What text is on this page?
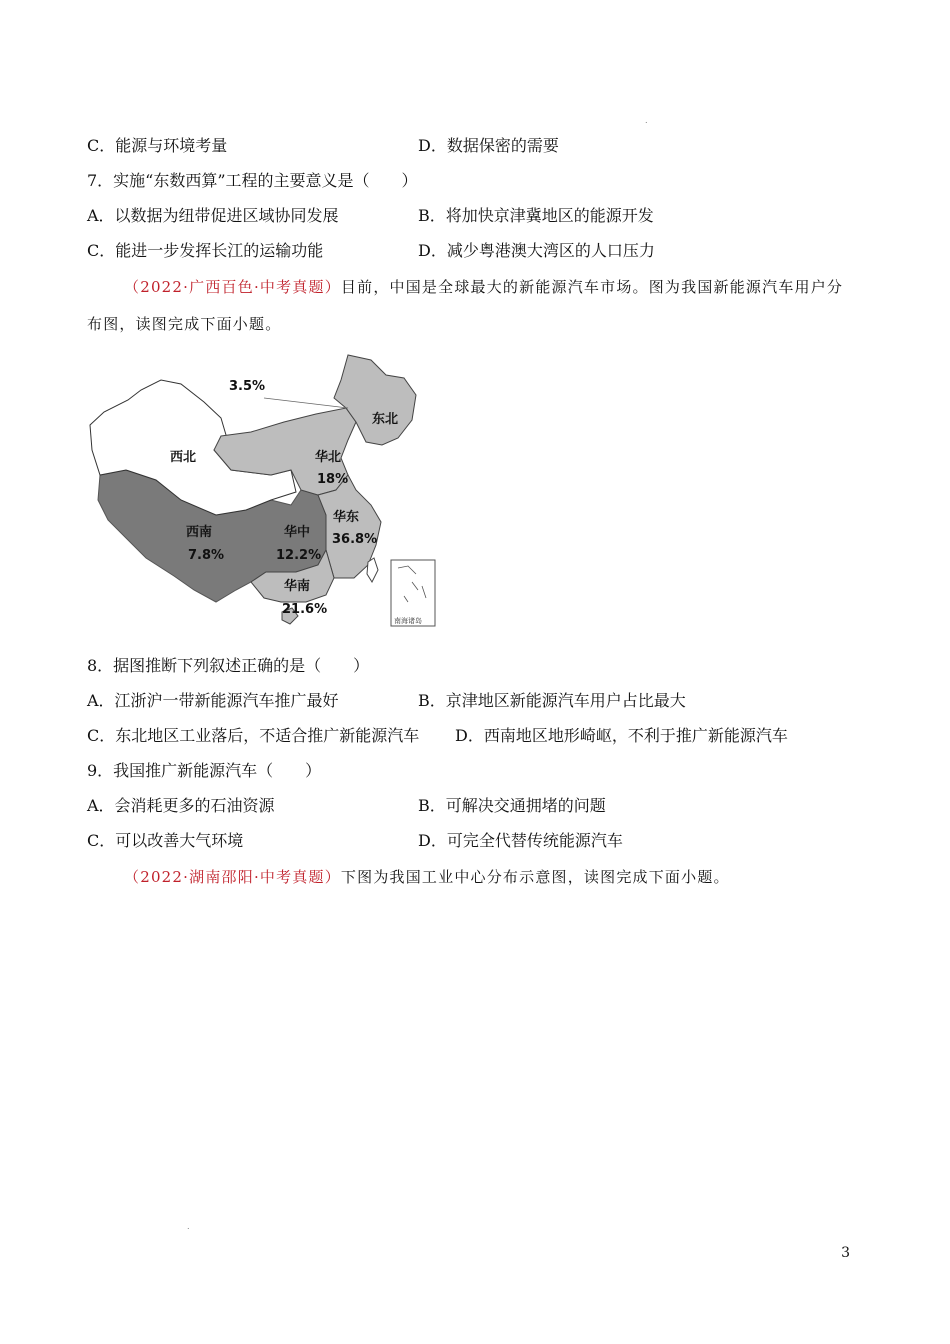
.
C．能源与环境考量	D．数据保密的需要
7．实施“东数西算”工程的主要意义是（　　）
A．以数据为纽带促进区域协同发展	B．将加快京津冀地区的能源开发
C．能进一步发挥长江的运输功能	D．减少粤港澳大湾区的人口压力
（2022·广西百色·中考真题）目前，中国是全球最大的新能源汽车市场。图为我国新能源汽车用户分
布图，读图完成下面小题。
3.5%
东北
西北	华北
18%
华东
36.8%
西南
7.8%
华中
12.2%
华南
21.6%
南海诸岛
8．据图推断下列叙述正确的是（　　）
A．江浙沪一带新能源汽车推广最好	B．京津地区新能源汽车用户占比最大
C．东北地区工业落后，不适合推广新能源汽车 D．西南地区地形崎岖，不利于推广新能源汽车
9．我国推广新能源汽车（　　）
A．会消耗更多的石油资源	B．可解决交通拥堵的问题
C．可以改善大气环境	D．可完全代替传统能源汽车
（2022·湖南邵阳·中考真题）下图为我国工业中心分布示意图，读图完成下面小题。
.
3
